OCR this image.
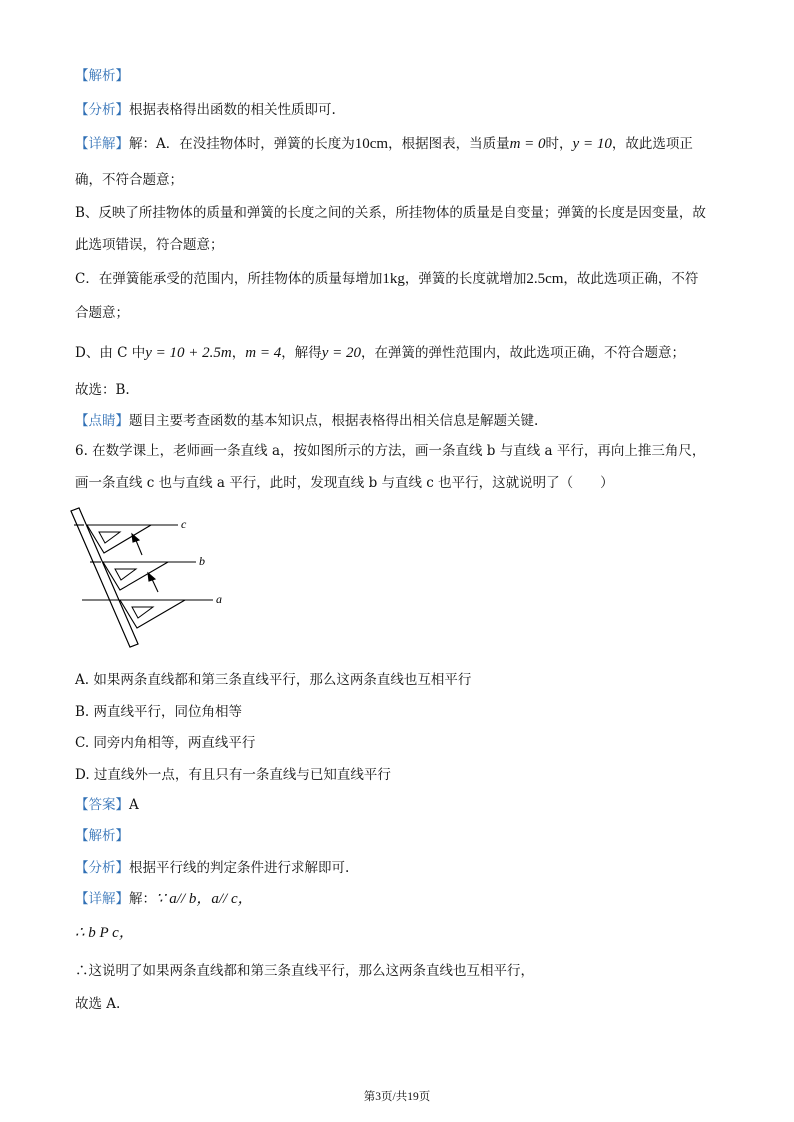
【解析】
【分析】根据表格得出函数的相关性质即可.
【详解】解：A．在没挂物体时，弹簧的长度为10cm，根据图表，当质量m = 0时，y = 10，故此选项正
确，不符合题意；
B、反映了所挂物体的质量和弹簧的长度之间的关系，所挂物体的质量是自变量；弹簧的长度是因变量，故
此选项错误，符合题意；
C．在弹簧能承受的范围内，所挂物体的质量每增加1kg，弹簧的长度就增加2.5cm，故此选项正确，不符
合题意；
D、由 C 中y = 10 + 2.5m，m = 4，解得y = 20，在弹簧的弹性范围内，故此选项正确，不符合题意；
故选：B.
【点睛】题目主要考查函数的基本知识点，根据表格得出相关信息是解题关键.
6. 在数学课上，老师画一条直线 a，按如图所示的方法，画一条直线 b 与直线 a 平行，再向上推三角尺，
画一条直线 c 也与直线 a 平行，此时，发现直线 b 与直线 c 也平行，这就说明了（　　）
c
b
a
A. 如果两条直线都和第三条直线平行，那么这两条直线也互相平行
B. 两直线平行，同位角相等
C. 同旁内角相等，两直线平行
D. 过直线外一点，有且只有一条直线与已知直线平行
【答案】A
【解析】
【分析】根据平行线的判定条件进行求解即可.
【详解】解：∵ a// b，a// c，
∴ b P c，
∴这说明了如果两条直线都和第三条直线平行，那么这两条直线也互相平行，
故选 A.
第3页/共19页
